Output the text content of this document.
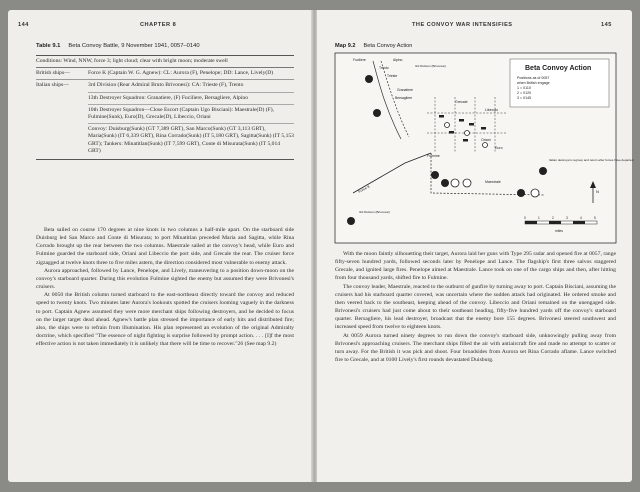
144	CHAPTER 8
Table 9.1 Beta Convoy Battle, 9 November 1941, 0057–0140
Conditions: Wind, NNW, force 3; light cloud; clear with bright moon; moderate swell
British ships—	Force K (Captain W. G. Agnew): CL: Aurora (F), Penelope; DD: Lance, Lively(D)
Italian ships—	3rd Division (Rear Admiral Bruto Brivonesi): CA: Trieste (F), Trento
13th Destroyer Squadron: Granatiere, (F) Fuciliere, Bersagliere, Alpino
10th Destroyer Squadron—Close Escort (Captain Ugo Bisciani): Maestrale(D) (F), Fulmine(Sunk), Euro(D), Grecale(D), Libeccio, Oriani
Convoy: Duisburg(Sunk) (GT 7,389 GRT), San Marco(Sunk) (GT 3,113 GRT), Maria(Sunk) (IT 6,339 GRT), Rina Corrado(Sunk) (IT 5,180 GRT), Sagitta(Sunk) (IT 5,153 GRT); Tankers: Minatitlan(Sunk) (IT 7,599 GRT), Conte di Misurata(Sunk) (IT 5,014 GRT)

Beta sailed on course 170 degrees at nine knots in two columns a half-mile apart. On the starboard side Duisburg led San Marco and Conte di Misurata; to port Minatitlan preceded Maria and Sagitta, while Rina Corrado brought up the rear between the two columns. Maestrale sailed at the convoy's head, while Euro and Fulmine guarded the starboard side, Oriani and Libeccio the port side, and Grecale the rear. The cruiser force zigzagged at twelve knots three to five miles astern, the direction considered most vulnerable to enemy attack.

Aurora approached, followed by Lance, Penelope, and Lively, maneuvering to a position down-moon on the convoy's starboard quarter. During this evolution Fulmine sighted the enemy but assumed they were Brivonesi's cruisers.

At 0050 the British column turned starboard to the east-northeast directly toward the convoy and reduced speed to twenty knots. Two minutes later Aurora's lookouts spotted the cruisers looming vaguely in the darkness to port. Captain Agnew assumed they were more merchant ships following destroyers, and he decided to focus on the larger target dead ahead. Agnew's battle plan stressed the importance of early hits and distributed fire; also, the ships were to refrain from illumination. His plan represented an evolution of the original Admiralty doctrine, which specified "The essence of night fighting is surprise followed by prompt action. . . . [I]f the most effective action is not taken immediately it is unlikely that there will be time to recover."26 (See map 9.2)

THE CONVOY WAR INTENSIFIES	145
Map 9.2 Beta Convoy Action
Beta Convoy Action
Positions as of 0057
when British engage
1 = 0110
2 = 0120
3 = 0145
Fuciliere	Alpino
Trento	3rd Division (Brivonesi)
Trieste
Granatiere
Bersagliere
Grecale
Libeccio
Oriani
Fulmine
Euro
Maestrale
Force K
3rd Division (Brivonesi)
Italian destroyers regroup and return after forces have departed
N
0	1	2	3	4	5
miles

With the moon faintly silhouetting their target, Aurora laid her guns with Type 295 radar and opened fire at 0057, range fifty-seven hundred yards, followed seconds later by Penelope and Lance. The flagship's first three salvos staggered Grecale, and ignited large fires. Penelope aimed at Maestrale. Lance took on one of the cargo ships and then, after hitting from four thousand yards, shifted fire to Fulmine.

The convoy leader, Maestrale, reacted to the outburst of gunfire by turning away to port. Captain Bisciani, assuming the cruisers had his starboard quarter covered, was uncertain where the sudden attack had originated. He ordered smoke and then veered back to the southeast, keeping ahead of the convoy. Libeccio and Oriani remained on the unengaged side. Brivonesi's cruisers had just come about to their southeast heading, fifty-five hundred yards off the convoy's starboard quarter. Bersagliere, his lead destroyer, broadcast that the enemy bore 155 degrees. Brivonesi steered southwest and increased speed from twelve to eighteen knots.

At 0059 Aurora turned ninety degrees to run down the convoy's starboard side, unknowingly pulling away from Brivonesi's approaching cruisers. The merchant ships filled the air with antiaircraft fire and made no attempt to scatter or turn away. For the British it was pick and shoot. Four broadsides from Aurora set Rina Corrado aflame. Lance switched fire to Grecale, and at 0100 Lively's first rounds devastated Duisburg.
